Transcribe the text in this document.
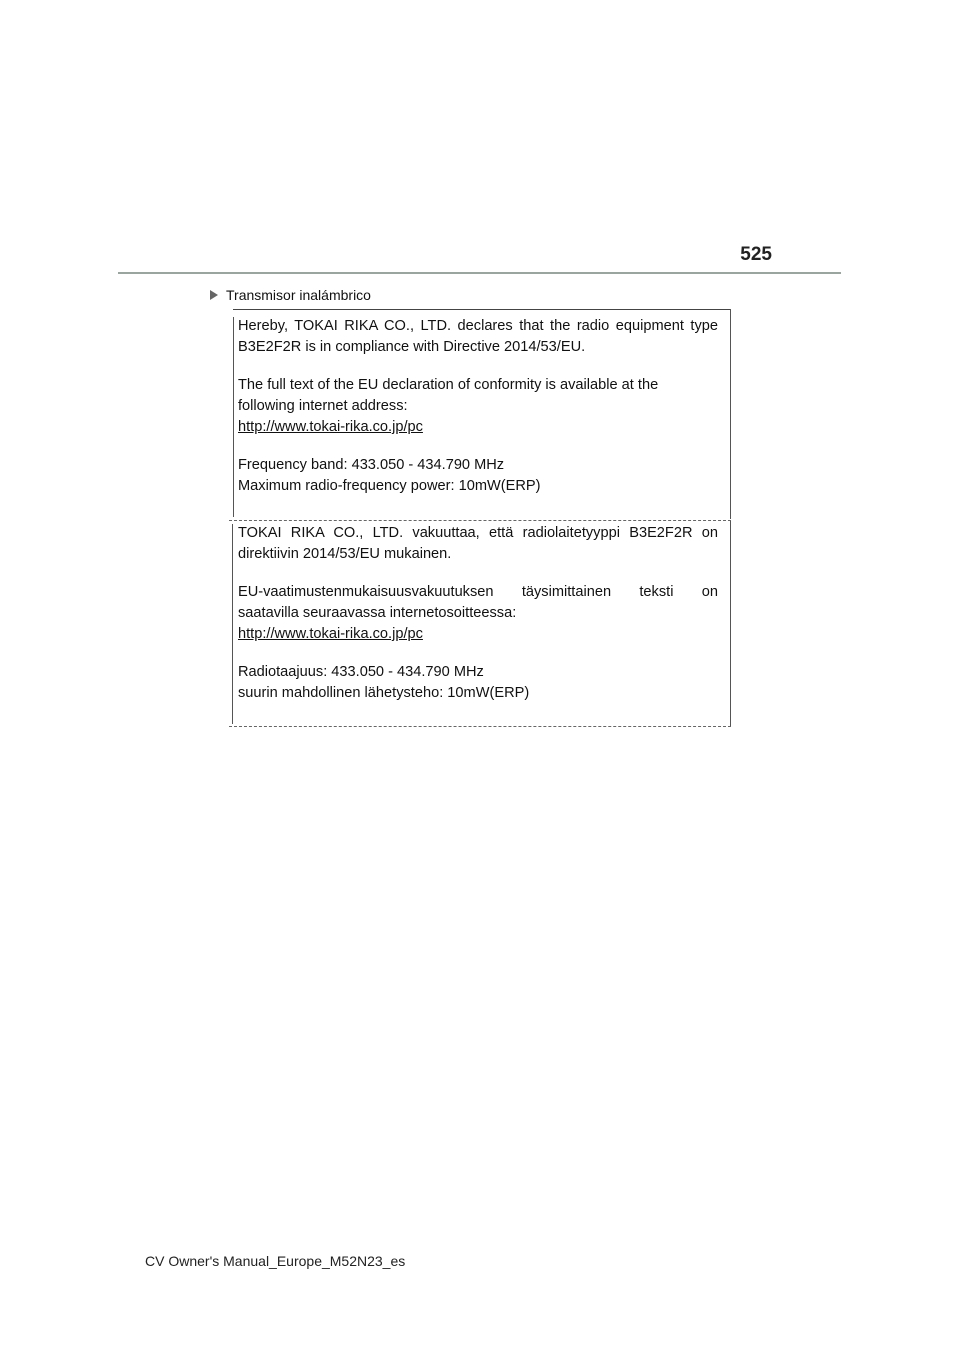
525
Transmisor inalámbrico

Hereby, TOKAI RIKA CO., LTD. declares that the radio equipment type

B3E2F2R is in compliance with Directive 2014/53/EU.

The full text of the EU declaration of conformity is available at the

following internet address:

http://www.tokai-rika.co.jp/pc

Frequency band: 433.050 - 434.790 MHz

Maximum radio-frequency power: 10mW(ERP)

TOKAI RIKA CO., LTD. vakuuttaa, että radiolaitetyyppi B3E2F2R on

direktiivin 2014/53/EU mukainen.

EU-vaatimustenmukaisuusvakuutuksen täysimittainen teksti on

saatavilla seuraavassa internetosoitteessa:

http://www.tokai-rika.co.jp/pc

Radiotaajuus: 433.050 - 434.790 MHz

suurin mahdollinen lähetysteho: 10mW(ERP)

CV Owner's Manual_Europe_M52N23_es
